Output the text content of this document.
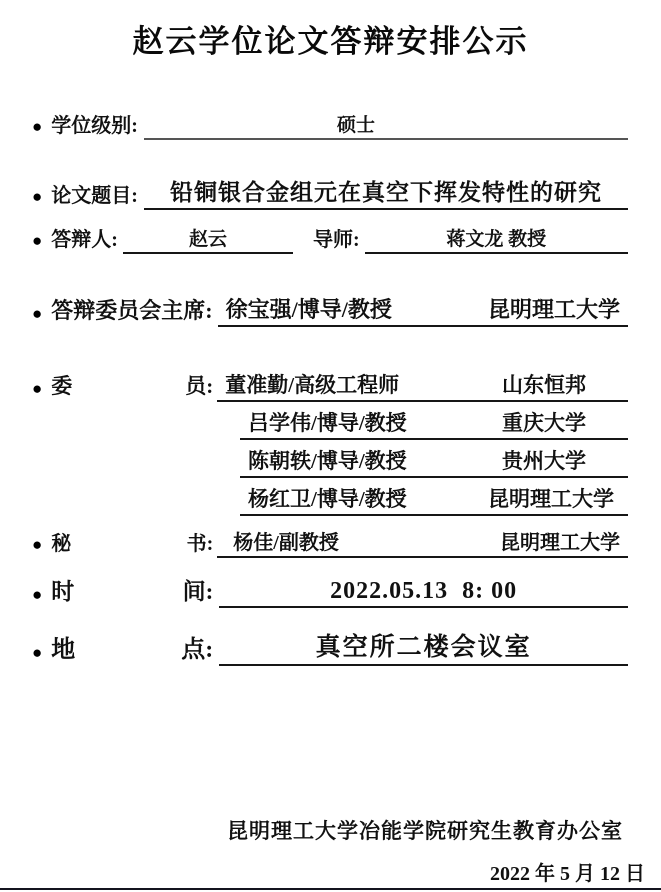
赵云学位论文答辩安排公示
● 学位级别:	硕士
● 论文题目: 铅铜银合金组元在真空下挥发特性的研究
● 答辩人:	赵云	导师:	蒋文龙 教授
● 答辩委员会主席: 徐宝强/博导/教授	昆明理工大学
● 委	员: 董准勤/高级工程师	山东恒邦
吕学伟/博导/教授	重庆大学
陈朝轶/博导/教授	贵州大学
杨红卫/博导/教授	昆明理工大学
● 秘	书: 杨佳/副教授	昆明理工大学
● 时	间:	2022.05.13  8: 00
● 地	点:	真空所二楼会议室
昆明理工大学冶能学院研究生教育办公室
2022 年 5 月 12 日
